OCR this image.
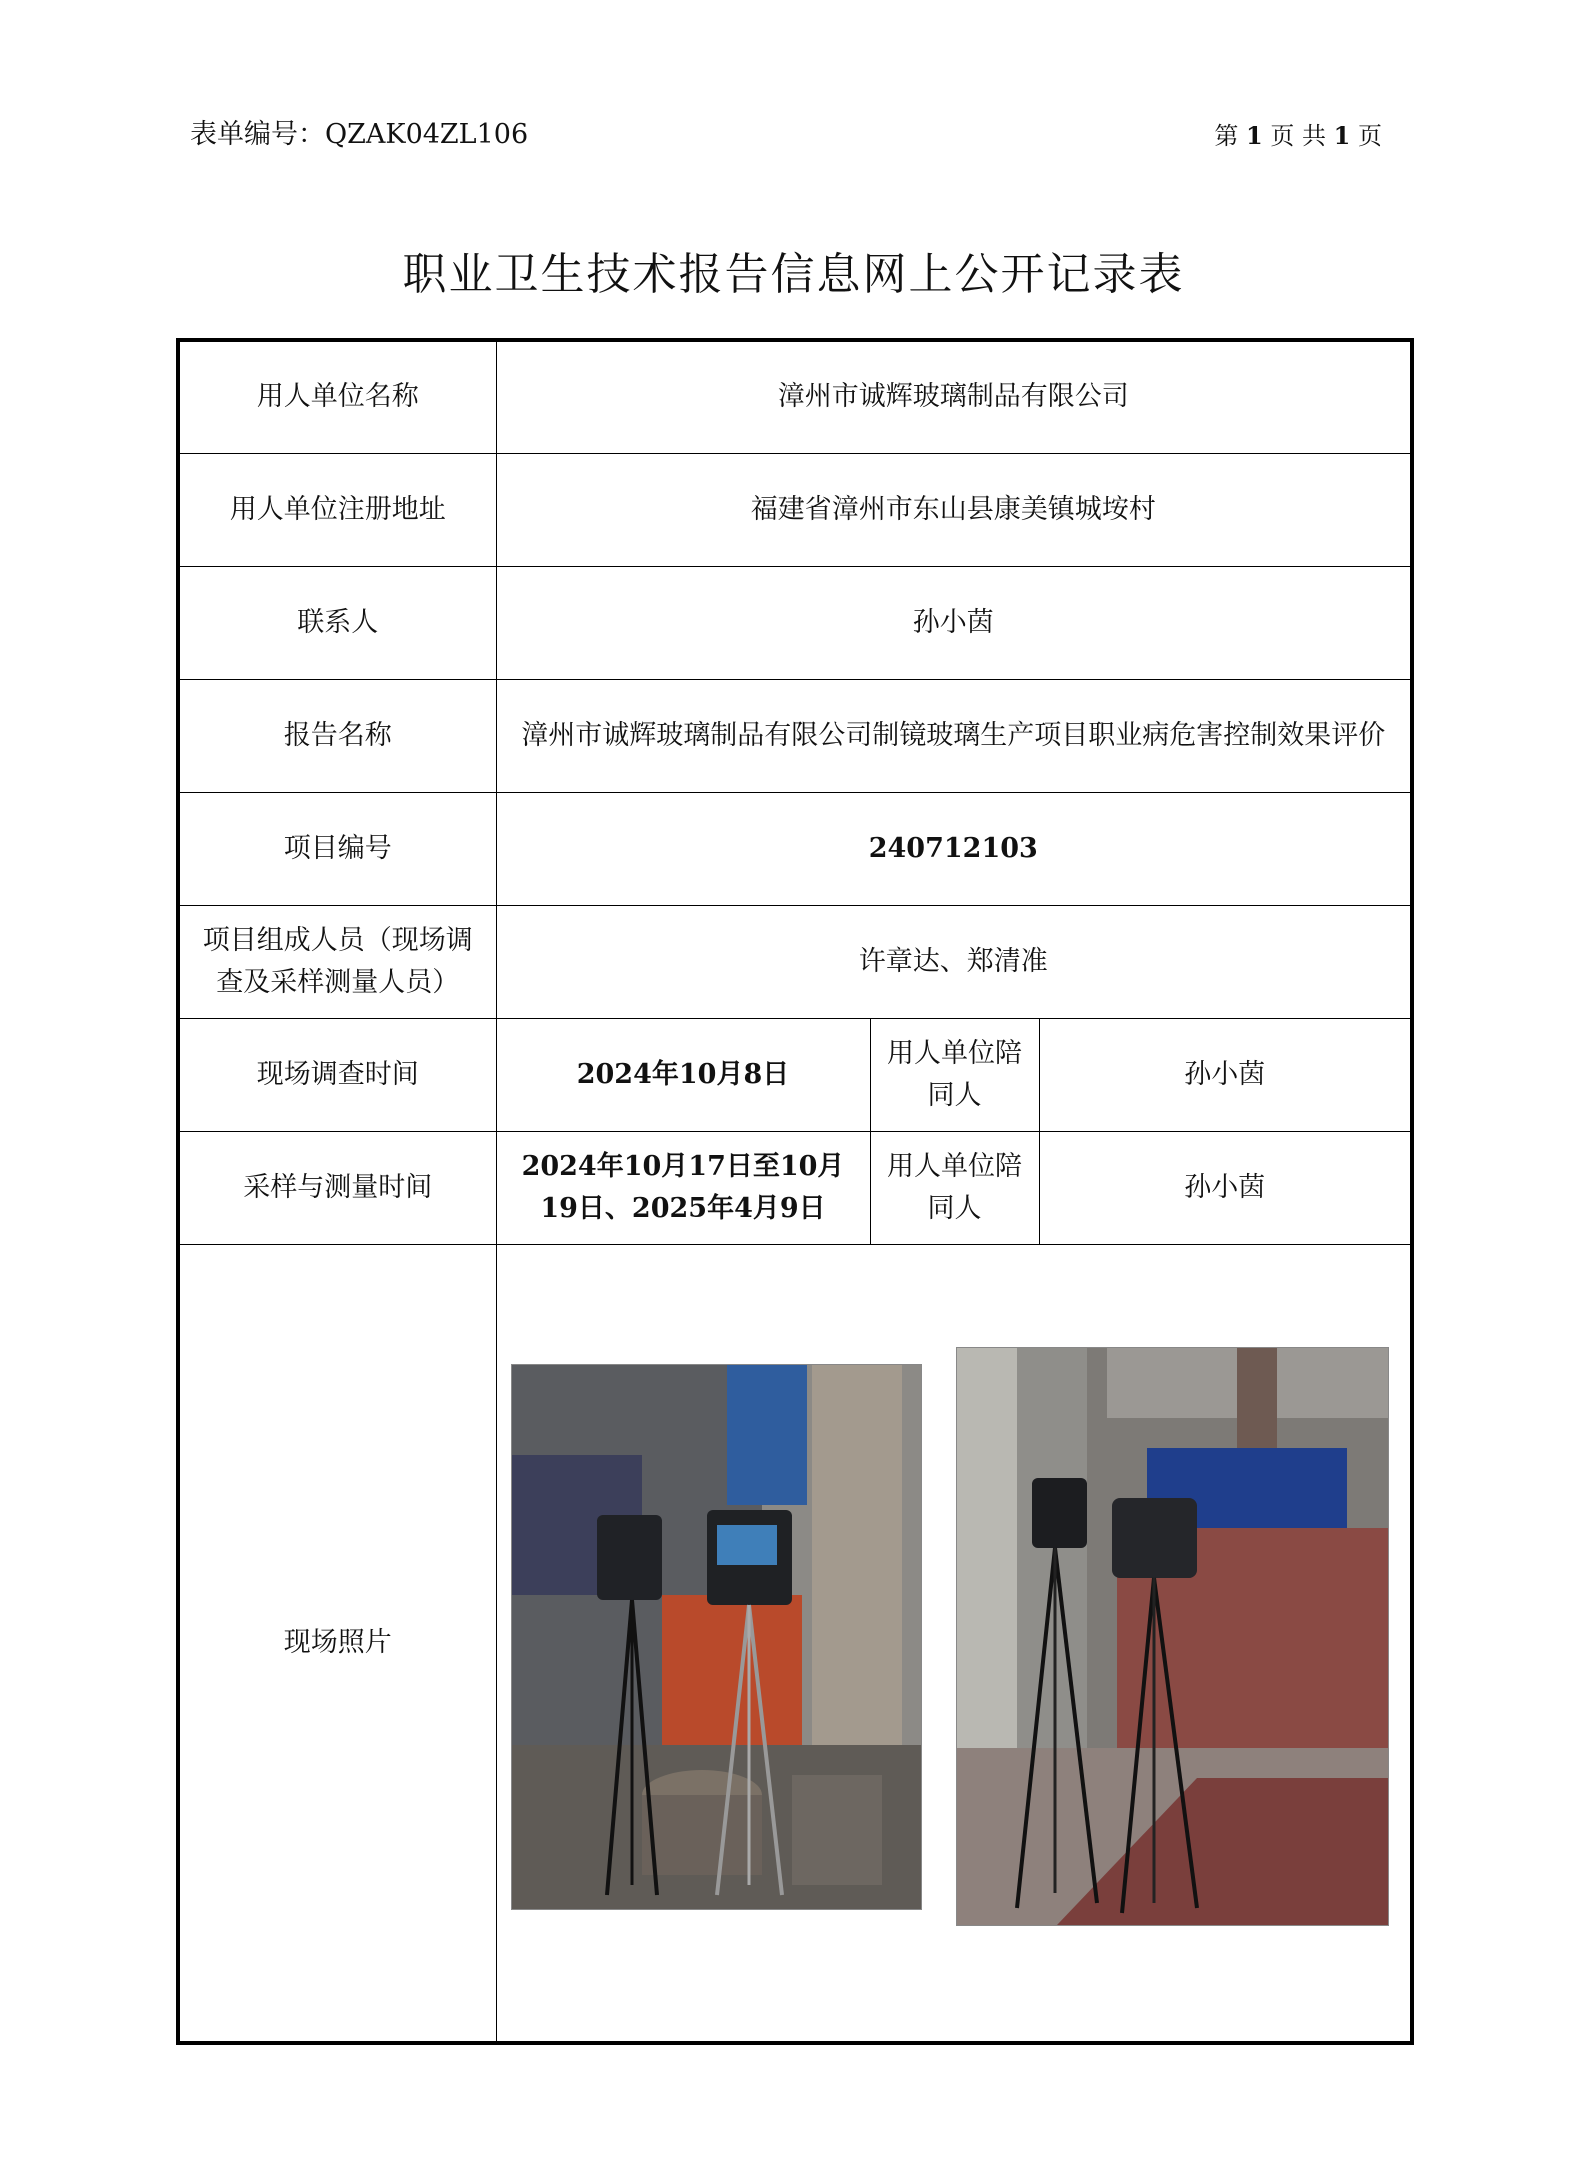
表单编号：QZAK04ZL106	第 1 页 共 1 页
职业卫生技术报告信息网上公开记录表
用人单位名称	漳州市诚辉玻璃制品有限公司		
用人单位注册地址	福建省漳州市东山县康美镇城垵村		
联系人	孙小茵		
报告名称	漳州市诚辉玻璃制品有限公司制镜玻璃生产项目职业病危害控制效果评价		
项目编号	240712103		
项目组成人员（现场调查及采样测量人员）	许章达、郑清准		
现场调查时间	2024年10月8日	用人单位陪同人	孙小茵
采样与测量时间	2024年10月17日至10月19日、2025年4月9日	用人单位陪同人	孙小茵
现场照片	
